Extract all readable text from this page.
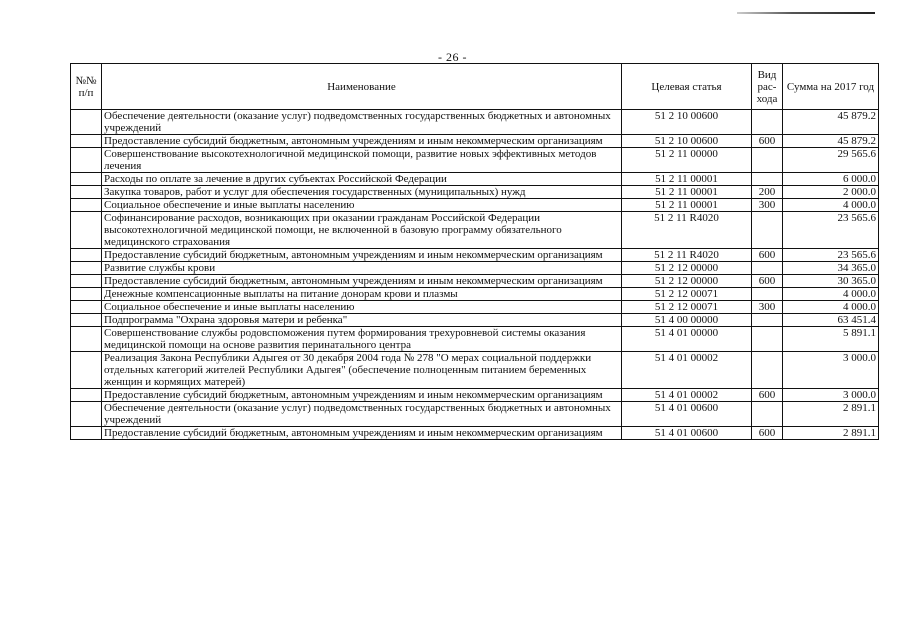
- 26 -
№№ п/п	Наименование	Целевая статья	Вид рас-хода	Сумма на 2017 год
	Обеспечение деятельности (оказание услуг) подведомственных государственных бюджетных и автономных учреждений	51 2 10 00600		45 879.2
	Предоставление субсидий бюджетным, автономным учреждениям и иным некоммерческим организациям	51 2 10 00600	600	45 879.2
	Совершенствование высокотехнологичной медицинской помощи, развитие новых эффективных методов лечения	51 2 11 00000		29 565.6
	Расходы по оплате за лечение в других субъектах Российской Федерации	51 2 11 00001		6 000.0
	Закупка товаров, работ и услуг для обеспечения государственных (муниципальных) нужд	51 2 11 00001	200	2 000.0
	Социальное обеспечение и иные выплаты населению	51 2 11 00001	300	4 000.0
	Софинансирование расходов, возникающих при оказании гражданам Российской Федерации высокотехнологичной медицинской помощи, не включенной в базовую программу обязательного медицинского страхования	51 2 11 R4020		23 565.6
	Предоставление субсидий бюджетным, автономным учреждениям и иным некоммерческим организациям	51 2 11 R4020	600	23 565.6
	Развитие службы крови	51 2 12 00000		34 365.0
	Предоставление субсидий бюджетным, автономным учреждениям и иным некоммерческим организациям	51 2 12 00000	600	30 365.0
	Денежные компенсационные выплаты на питание донорам крови и плазмы	51 2 12 00071		4 000.0
	Социальное обеспечение и иные выплаты населению	51 2 12 00071	300	4 000.0
	Подпрограмма "Охрана здоровья матери и ребенка"	51 4 00 00000		63 451.4
	Совершенствование службы родовспоможения путем формирования трехуровневой системы оказания медицинской помощи на основе развития перинатального центра	51 4 01 00000		5 891.1
	Реализация Закона Республики Адыгея от 30 декабря 2004 года № 278 "О мерах социальной поддержки отдельных категорий жителей Республики Адыгея" (обеспечение полноценным питанием беременных женщин и кормящих матерей)	51 4 01 00002		3 000.0
	Предоставление субсидий бюджетным, автономным учреждениям и иным некоммерческим организациям	51 4 01 00002	600	3 000.0
	Обеспечение деятельности (оказание услуг) подведомственных государственных бюджетных и автономных учреждений	51 4 01 00600		2 891.1
	Предоставление субсидий бюджетным, автономным учреждениям и иным некоммерческим организациям	51 4 01 00600	600	2 891.1
